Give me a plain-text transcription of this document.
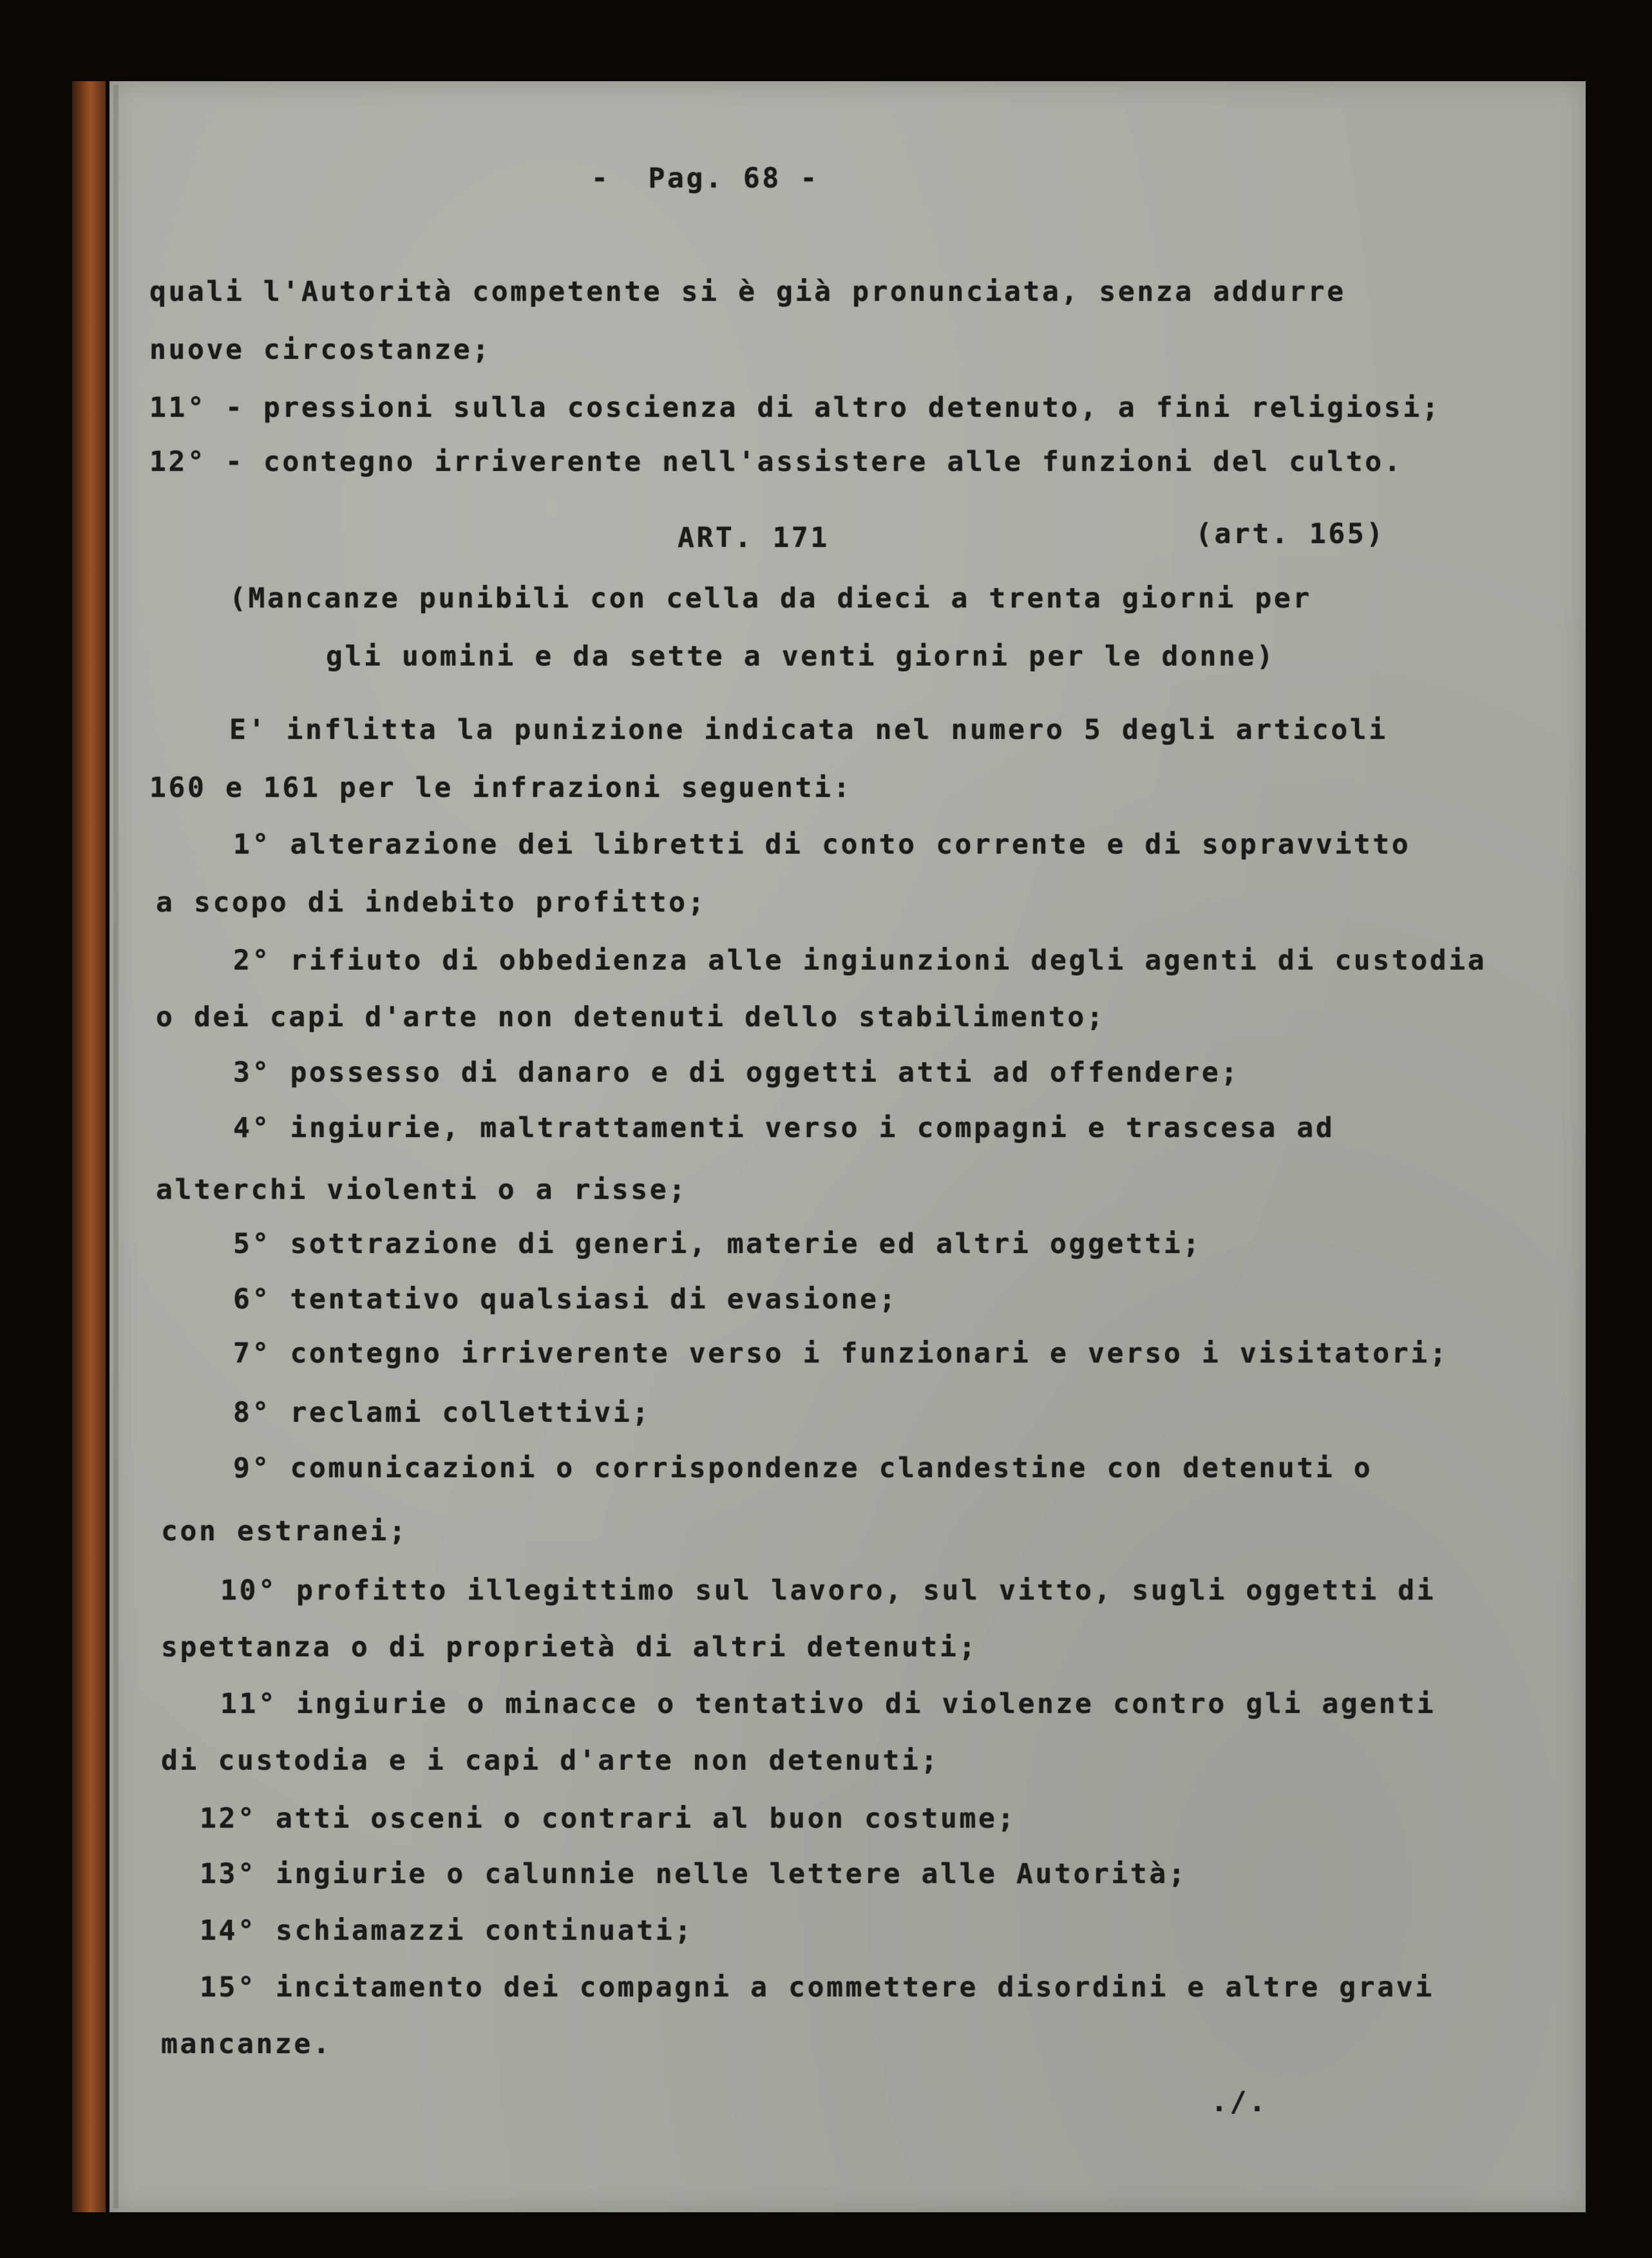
-  Pag. 68 -
quali l'Autorità competente si è già pronunciata, senza addurre
nuove circostanze;
11° - pressioni sulla coscienza di altro detenuto, a fini religiosi;
12° - contegno irriverente nell'assistere alle funzioni del culto.
ART. 171	(art. 165)
(Mancanze punibili con cella da dieci a trenta giorni per
gli uomini e da sette a venti giorni per le donne)
E' inflitta la punizione indicata nel numero 5 degli articoli
160 e 161 per le infrazioni seguenti:
1° alterazione dei libretti di conto corrente e di sopravvitto
a scopo di indebito profitto;
2° rifiuto di obbedienza alle ingiunzioni degli agenti di custodia
o dei capi d'arte non detenuti dello stabilimento;
3° possesso di danaro e di oggetti atti ad offendere;
4° ingiurie, maltrattamenti verso i compagni e trascesa ad
alterchi violenti o a risse;
5° sottrazione di generi, materie ed altri oggetti;
6° tentativo qualsiasi di evasione;
7° contegno irriverente verso i funzionari e verso i visitatori;
8° reclami collettivi;
9° comunicazioni o corrispondenze clandestine con detenuti o
con estranei;
10° profitto illegittimo sul lavoro, sul vitto, sugli oggetti di
spettanza o di proprietà di altri detenuti;
11° ingiurie o minacce o tentativo di violenze contro gli agenti
di custodia e i capi d'arte non detenuti;
12° atti osceni o contrari al buon costume;
13° ingiurie o calunnie nelle lettere alle Autorità;
14° schiamazzi continuati;
15° incitamento dei compagni a commettere disordini e altre gravi
mancanze.
./.
